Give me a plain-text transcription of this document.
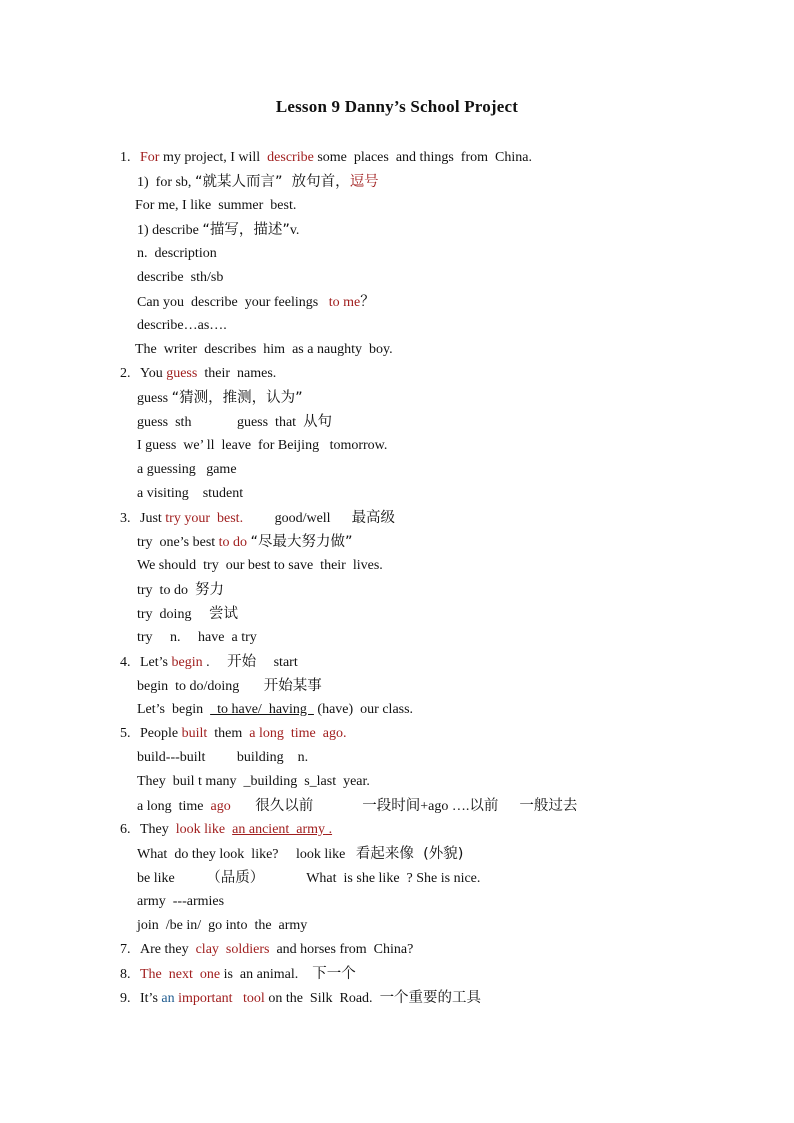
Lesson 9 Danny’s School Project
1. For my project, I will  describe some  places  and things  from  China.
1)  for sb, “就某人而言”  放句首，逗号
For me, I like  summer  best.
1) describe “描写，描述”v.
n.  description
describe  sth/sb
Can you  describe  your feelings   to me？
describe…as….
The  writer  describes  him  as a naughty  boy.
2. You guess  their  names.
guess “猜测，推测，认为”
guess  sth             guess  that  从句
I guess  we’ ll  leave  for Beijing   tomorrow.
a guessing   game
a visiting    student
3. Just try your  best.         good/well      最高级
try  one’s best to do “尽最大努力做”
We should  try  our best to save  their  lives.
try  to do  努力
try  doing     尝试
try     n.     have  a try
4. Let’s begin .     开始     start
begin  to do/doing       开始某事
Let’s  begin    to have/  having   (have)  our class.
5. People built  them  a long  time  ago.
build---built         building    n.
They  buil t many  _building  s_last  year.
a long  time  ago 很久以前	一段时间+ago ….以前 一般过去
6. They  look like an ancient  army .
What  do they look  like?     look like   看起来像  (外貌)
be like         （品质）            What  is she like  ? She is nice.
army  ---armies
join  /be in/  go into  the  army
7. Are they  clay  soldiers  and horses from  China?
8. The  next  one is  an animal.    下一个
9. It’s an important   tool on the  Silk  Road.  一个重要的工具
